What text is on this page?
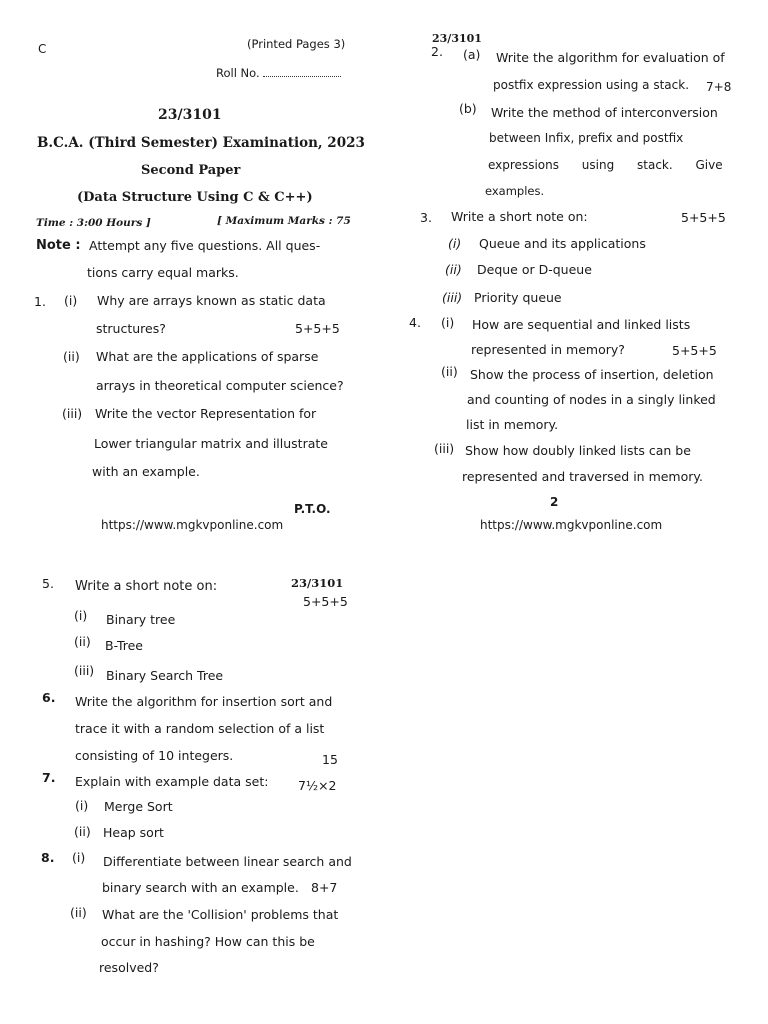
C	(Printed Pages 3)
Roll No.
23/3101
B.C.A. (Third Semester) Examination, 2023
Second Paper
(Data Structure Using C & C++)
Time : 3:00 Hours ]	[ Maximum Marks : 75
Note : Attempt any five questions. All ques-
tions carry equal marks.
1. (i) Why are arrays known as static data
structures?	5+5+5
(ii) What are the applications of sparse
arrays in theoretical computer science?
(iii) Write the vector Representation for
Lower triangular matrix and illustrate
with an example.
P.T.O.
https://www.mgkvponline.com
23/3101
2. (a) Write the algorithm for evaluation of
postfix expression using a stack. 7+8
(b) Write the method of interconversion
between Infix, prefix and postfix
expressions using stack. Give
examples.
3. Write a short note on:	5+5+5
(i) Queue and its applications
(ii) Deque or D-queue
(iii) Priority queue
4. (i) How are sequential and linked lists
represented in memory?	5+5+5
(ii) Show the process of insertion, deletion
and counting of nodes in a singly linked
list in memory.
(iii) Show how doubly linked lists can be
represented and traversed in memory.
2
https://www.mgkvponline.com
23/3101
5. Write a short note on:
5+5+5
(i) Binary tree
(ii) B-Tree
(iii) Binary Search Tree
6. Write the algorithm for insertion sort and
trace it with a random selection of a list
consisting of 10 integers.	15
7. Explain with example data set: 7½×2
(i) Merge Sort
(ii) Heap sort
8. (i) Differentiate between linear search and
binary search with an example. 8+7
(ii) What are the 'Collision' problems that
occur in hashing? How can this be
resolved?
